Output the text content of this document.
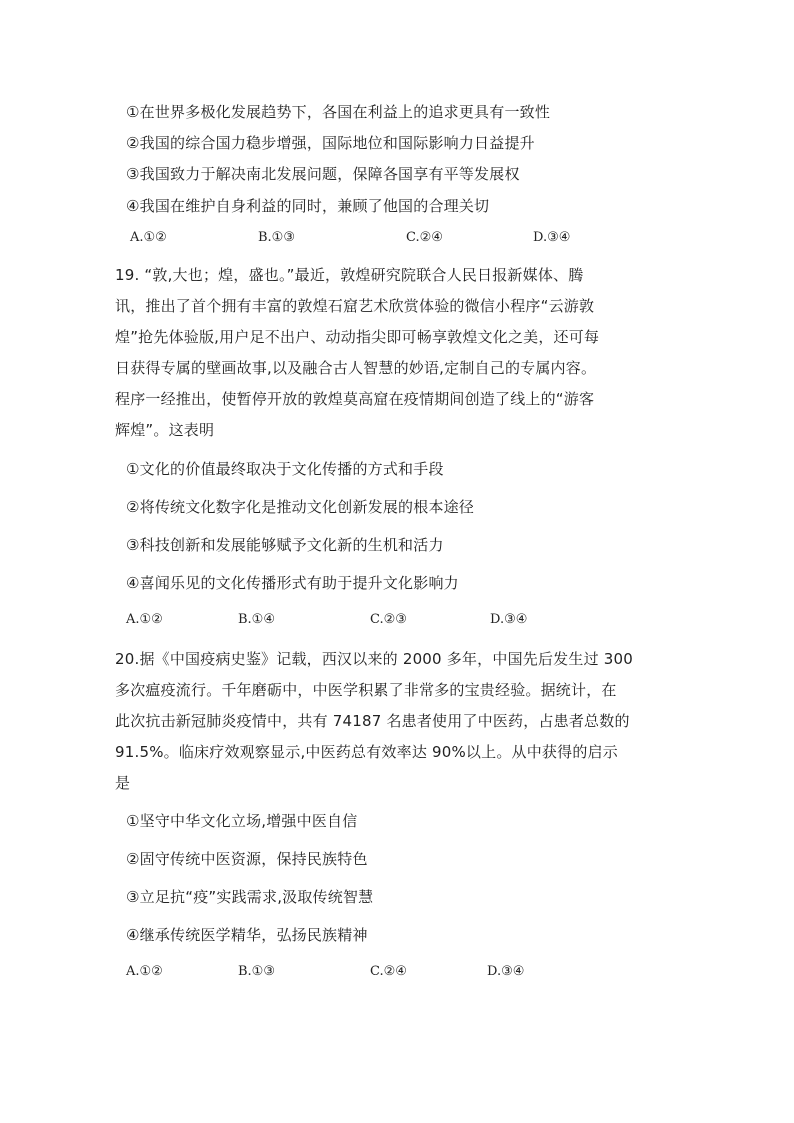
①在世界多极化发展趋势下，各国在利益上的追求更具有一致性
②我国的综合国力稳步增强，国际地位和国际影响力日益提升
③我国致力于解决南北发展问题，保障各国享有平等发展权
④我国在维护自身利益的同时，兼顾了他国的合理关切
A.①②	B.①③	C.②④	D.③④
19. “敦,大也；煌，盛也。”最近，敦煌研究院联合人民日报新媒体、腾
讯，推出了首个拥有丰富的敦煌石窟艺术欣赏体验的微信小程序“云游敦
煌”抢先体验版,用户足不出户、动动指尖即可畅享敦煌文化之美，还可每
日获得专属的壁画故事,以及融合古人智慧的妙语,定制自己的专属内容。
程序一经推出，使暂停开放的敦煌莫高窟在疫情期间创造了线上的“游客
辉煌”。这表明
①文化的价值最终取决于文化传播的方式和手段
②将传统文化数字化是推动文化创新发展的根本途径
③科技创新和发展能够赋予文化新的生机和活力
④喜闻乐见的文化传播形式有助于提升文化影响力
A.①②	B.①④	C.②③	D.③④
20.据《中国疫病史鉴》记载，西汉以来的 2000 多年，中国先后发生过 300
多次瘟疫流行。千年磨砺中，中医学积累了非常多的宝贵经验。据统计，在
此次抗击新冠肺炎疫情中，共有 74187 名患者使用了中医药，占患者总数的
91.5%。临床疗效观察显示,中医药总有效率达 90%以上。从中获得的启示
是
①坚守中华文化立场,增强中医自信
②固守传统中医资源，保持民族特色
③立足抗“疫”实践需求,汲取传统智慧
④继承传统医学精华，弘扬民族精神
A.①②	B.①③	C.②④	D.③④
